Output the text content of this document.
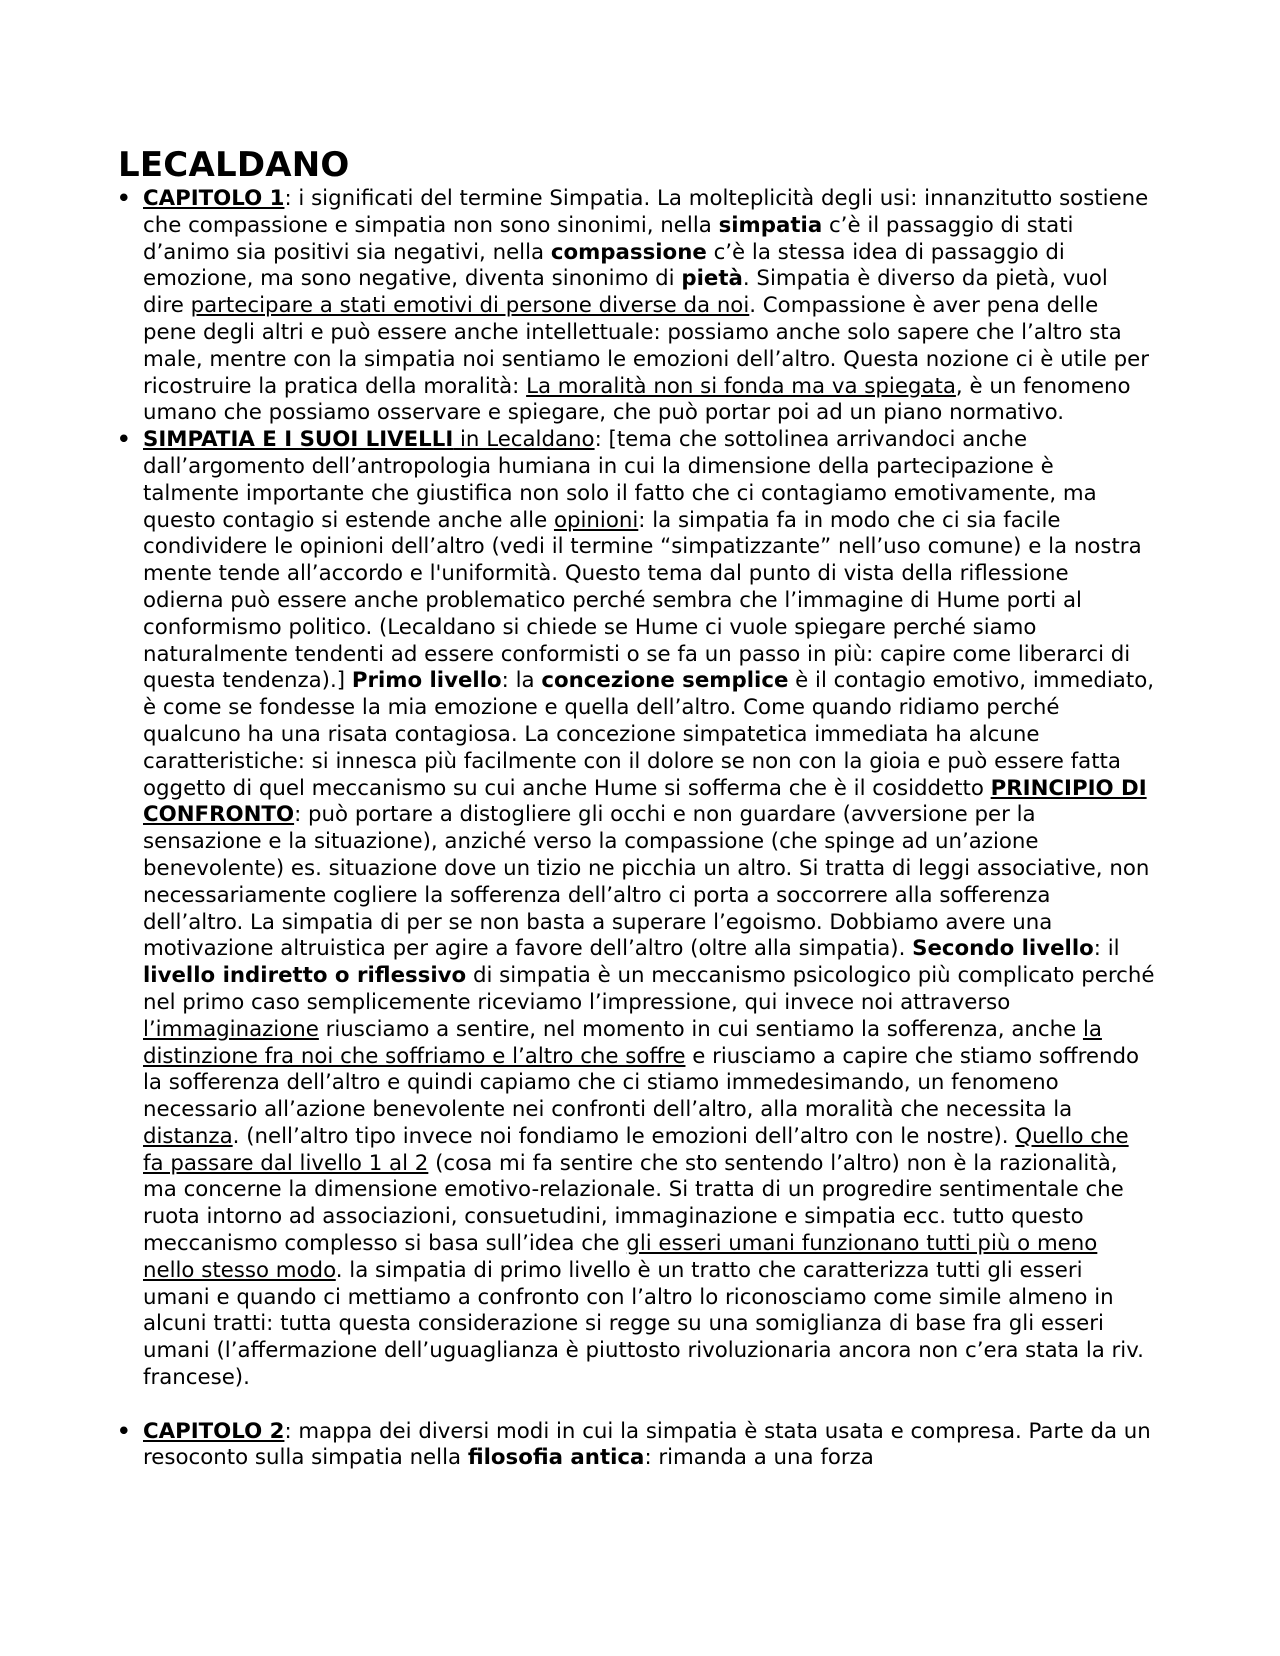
LECALDANO
• CAPITOLO 1: i significati del termine Simpatia. La molteplicità degli usi: innanzitutto sostiene che compassione e simpatia non sono sinonimi, nella simpatia c’è il passaggio di stati d’animo sia positivi sia negativi, nella compassione c’è la stessa idea di passaggio di emozione, ma sono negative, diventa sinonimo di pietà. Simpatia è diverso da pietà, vuol dire partecipare a stati emotivi di persone diverse da noi. Compassione è aver pena delle pene degli altri e può essere anche intellettuale: possiamo anche solo sapere che l’altro sta male, mentre con la simpatia noi sentiamo le emozioni dell’altro. Questa nozione ci è utile per ricostruire la pratica della moralità: La moralità non si fonda ma va spiegata, è un fenomeno umano che possiamo osservare e spiegare, che può portar poi ad un piano normativo.
• SIMPATIA E I SUOI LIVELLI in Lecaldano: [tema che sottolinea arrivandoci anche dall’argomento dell’antropologia humiana in cui la dimensione della partecipazione è talmente importante che giustifica non solo il fatto che ci contagiamo emotivamente, ma questo contagio si estende anche alle opinioni: la simpatia fa in modo che ci sia facile condividere le opinioni dell’altro (vedi il termine “simpatizzante” nell’uso comune) e la nostra mente tende all’accordo e l'uniformità. Questo tema dal punto di vista della riflessione odierna può essere anche problematico perché sembra che l’immagine di Hume porti al conformismo politico. (Lecaldano si chiede se Hume ci vuole spiegare perché siamo naturalmente tendenti ad essere conformisti o se fa un passo in più: capire come liberarci di questa tendenza).] Primo livello: la concezione semplice è il contagio emotivo, immediato, è come se fondesse la mia emozione e quella dell’altro. Come quando ridiamo perché qualcuno ha una risata contagiosa. La concezione simpatetica immediata ha alcune caratteristiche: si innesca più facilmente con il dolore se non con la gioia e può essere fatta oggetto di quel meccanismo su cui anche Hume si sofferma che è il cosiddetto PRINCIPIO DI CONFRONTO: può portare a distogliere gli occhi e non guardare (avversione per la sensazione e la situazione), anziché verso la compassione (che spinge ad un’azione benevolente) es. situazione dove un tizio ne picchia un altro. Si tratta di leggi associative, non necessariamente cogliere la sofferenza dell’altro ci porta a soccorrere alla sofferenza dell’altro. La simpatia di per se non basta a superare l’egoismo. Dobbiamo avere una motivazione altruistica per agire a favore dell’altro (oltre alla simpatia). Secondo livello: il livello indiretto o riflessivo di simpatia è un meccanismo psicologico più complicato perché nel primo caso semplicemente riceviamo l’impressione, qui invece noi attraverso l’immaginazione riusciamo a sentire, nel momento in cui sentiamo la sofferenza, anche la distinzione fra noi che soffriamo e l’altro che soffre e riusciamo a capire che stiamo soffrendo la sofferenza dell’altro e quindi capiamo che ci stiamo immedesimando, un fenomeno necessario all’azione benevolente nei confronti dell’altro, alla moralità che necessita la distanza. (nell’altro tipo invece noi fondiamo le emozioni dell’altro con le nostre). Quello che fa passare dal livello 1 al 2 (cosa mi fa sentire che sto sentendo l’altro) non è la razionalità, ma concerne la dimensione emotivo-relazionale. Si tratta di un progredire sentimentale che ruota intorno ad associazioni, consuetudini, immaginazione e simpatia ecc. tutto questo meccanismo complesso si basa sull’idea che gli esseri umani funzionano tutti più o meno nello stesso modo. la simpatia di primo livello è un tratto che caratterizza tutti gli esseri umani e quando ci mettiamo a confronto con l’altro lo riconosciamo come simile almeno in alcuni tratti: tutta questa considerazione si regge su una somiglianza di base fra gli esseri umani (l’affermazione dell’uguaglianza è piuttosto rivoluzionaria ancora non c’era stata la riv. francese).
• CAPITOLO 2: mappa dei diversi modi in cui la simpatia è stata usata e compresa. Parte da un resoconto sulla simpatia nella filosofia antica: rimanda a una forza
